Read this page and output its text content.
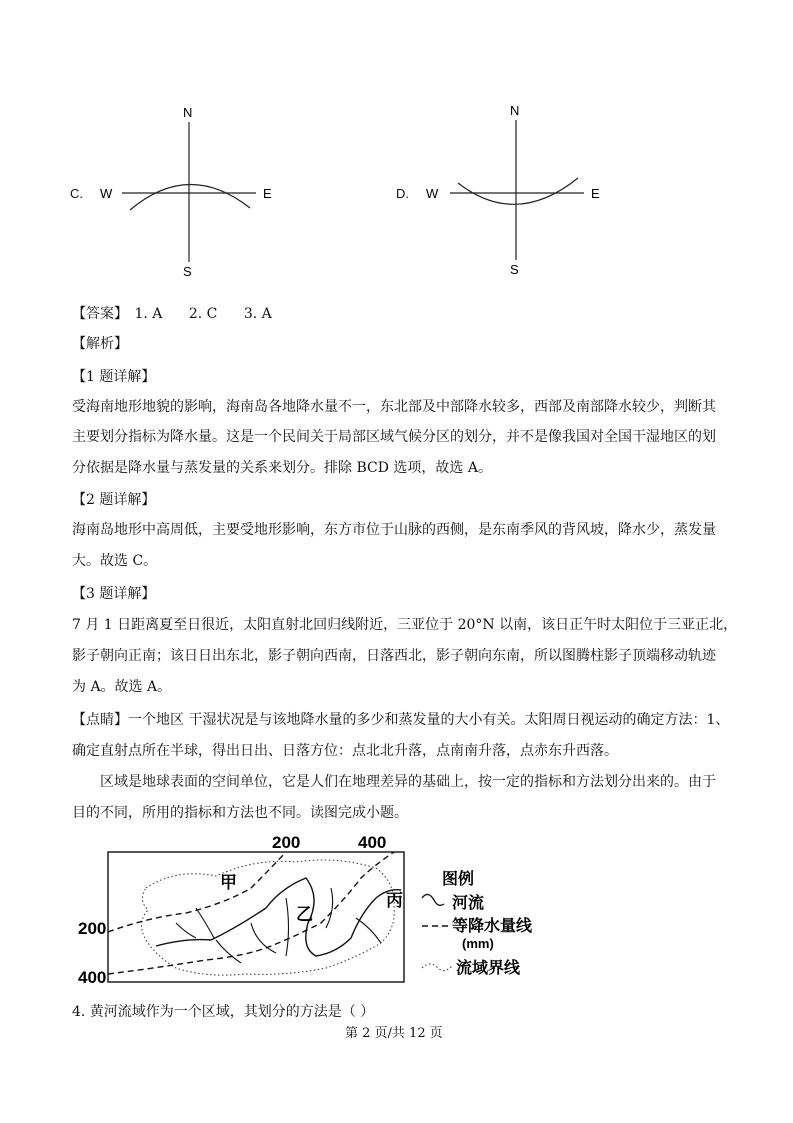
C.
N
S
W	E	D.
N
S
W	E
【答案】 1. A 2. C 3. A
【解析】
【1 题详解】
受海南地形地貌的影响，海南岛各地降水量不一，东北部及中部降水较多，西部及南部降水较少，判断其
主要划分指标为降水量。这是一个民间关于局部区域气候分区的划分，并不是像我国对全国干湿地区的划
分依据是降水量与蒸发量的关系来划分。排除 BCD 选项，故选 A。
【2 题详解】
海南岛地形中高周低，主要受地形影响，东方市位于山脉的西侧，是东南季风的背风坡，降水少，蒸发量
大。故选 C。
【3 题详解】
7 月 1 日距离夏至日很近，太阳直射北回归线附近，三亚位于 20°N 以南，该日正午时太阳位于三亚正北，
影子朝向正南；该日日出东北，影子朝向西南，日落西北，影子朝向东南，所以图腾柱影子顶端移动轨迹
为 A。故选 A。
【点睛】一个地区 干湿状况是与该地降水量的多少和蒸发量的大小有关。太阳周日视运动的确定方法：1、
确定直射点所在半球，得出日出、日落方位：点北北升落，点南南升落，点赤东升西落。
区域是地球表面的空间单位，它是人们在地理差异的基础上，按一定的指标和方法划分出来的。由于
目的不同，所用的指标和方法也不同。读图完成小题。
200	400
200
400
甲
乙
丙
图例
河流
等降水量线
(mm)
流域界线
4. 黄河流域作为一个区域，其划分的方法是（ ）
第 2 页/共 12 页
